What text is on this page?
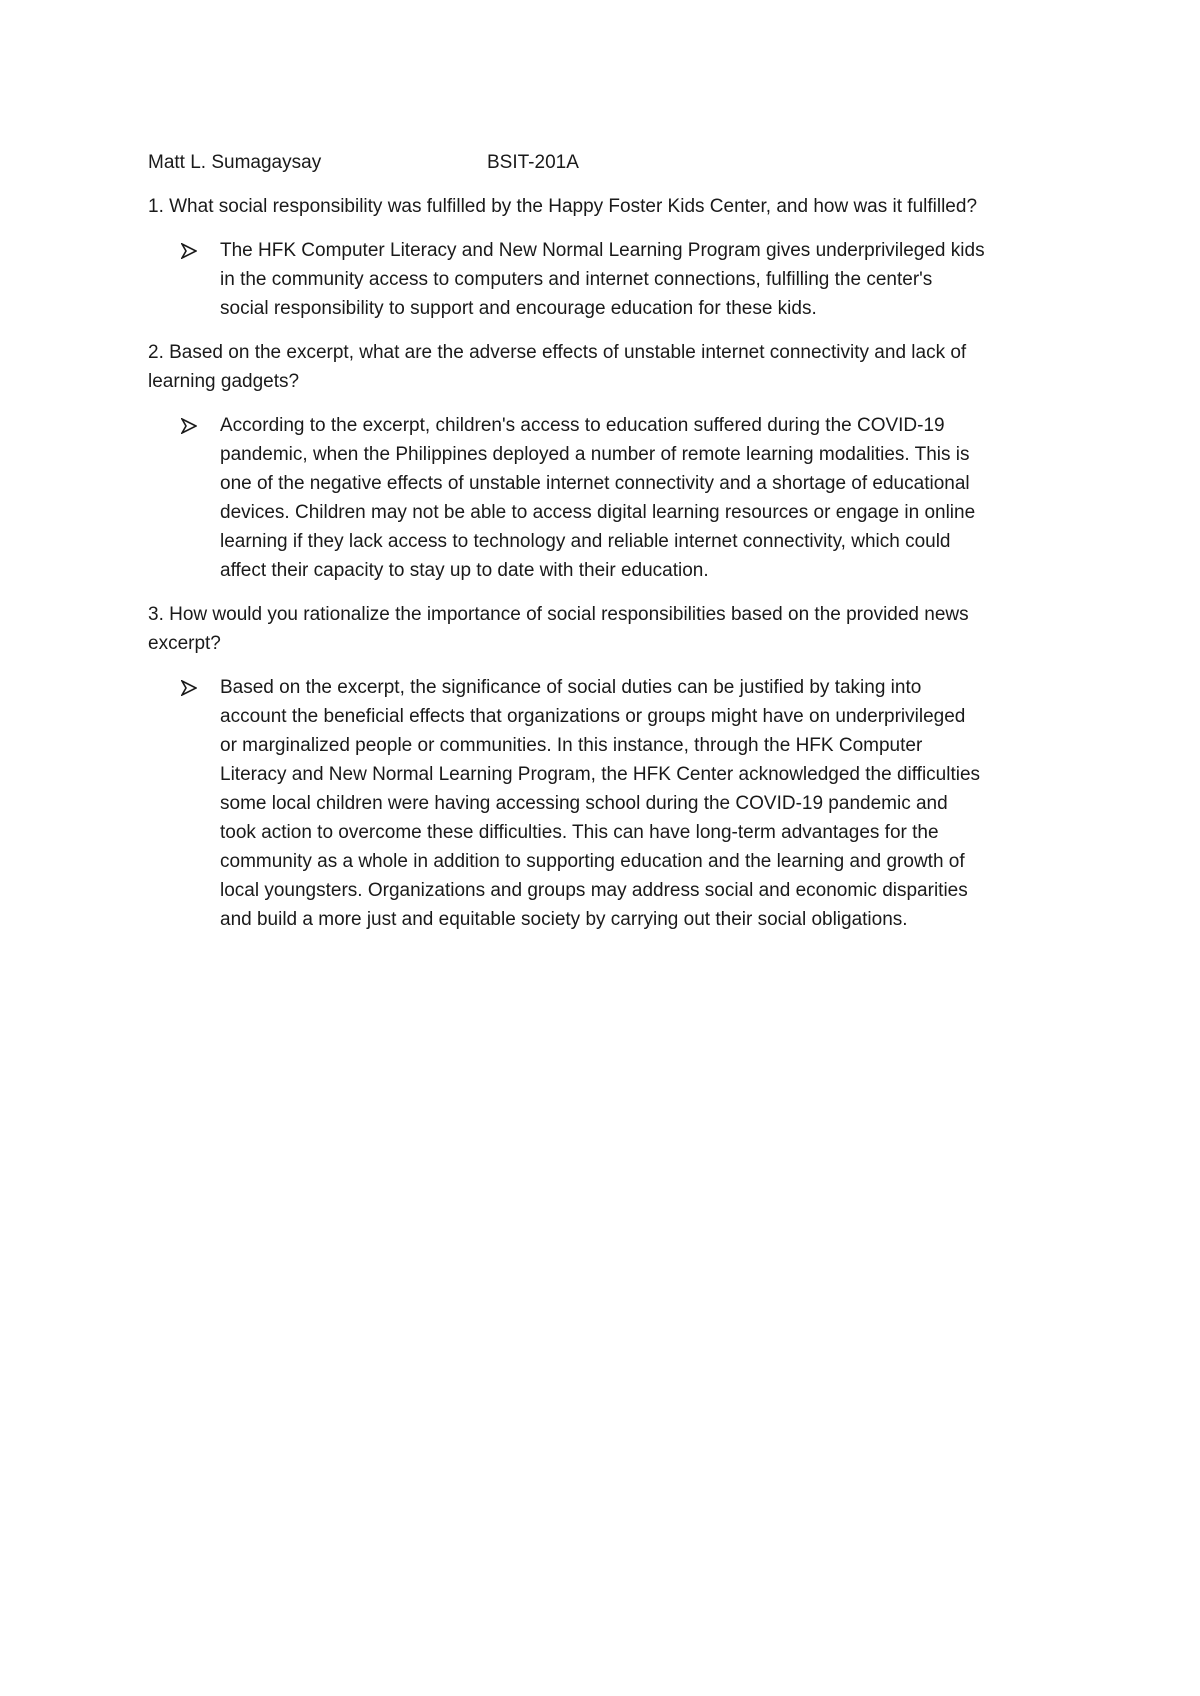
Matt L. Sumagaysay	BSIT-201A

1. What social responsibility was fulfilled by the Happy Foster Kids Center, and how was it fulfilled?

The HFK Computer Literacy and New Normal Learning Program gives underprivileged kids in the community access to computers and internet connections, fulfilling the center's social responsibility to support and encourage education for these kids.

2. Based on the excerpt, what are the adverse effects of unstable internet connectivity and lack of learning gadgets?

According to the excerpt, children's access to education suffered during the COVID-19 pandemic, when the Philippines deployed a number of remote learning modalities. This is one of the negative effects of unstable internet connectivity and a shortage of educational devices. Children may not be able to access digital learning resources or engage in online learning if they lack access to technology and reliable internet connectivity, which could affect their capacity to stay up to date with their education.

3. How would you rationalize the importance of social responsibilities based on the provided news excerpt?

Based on the excerpt, the significance of social duties can be justified by taking into account the beneficial effects that organizations or groups might have on underprivileged or marginalized people or communities. In this instance, through the HFK Computer Literacy and New Normal Learning Program, the HFK Center acknowledged the difficulties some local children were having accessing school during the COVID-19 pandemic and took action to overcome these difficulties. This can have long-term advantages for the community as a whole in addition to supporting education and the learning and growth of local youngsters. Organizations and groups may address social and economic disparities and build a more just and equitable society by carrying out their social obligations.
